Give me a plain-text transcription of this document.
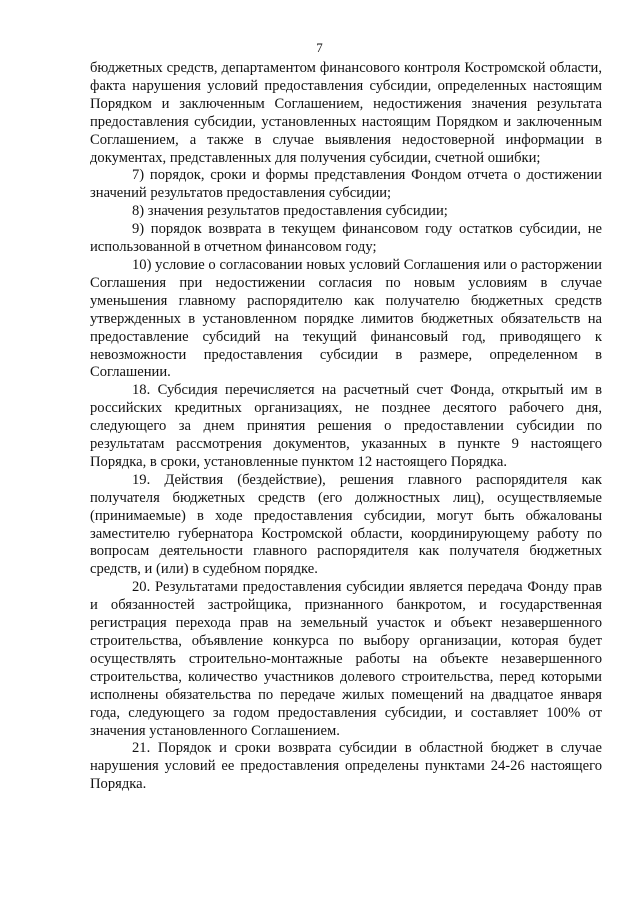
7

бюджетных средств, департаментом финансового контроля Костромской области, факта нарушения условий предоставления субсидии, определенных настоящим Порядком и заключенным Соглашением, недостижения значения результата предоставления субсидии, установленных настоящим Порядком и заключенным Соглашением, а также в случае выявления недостоверной информации в документах, представленных для получения субсидии, счетной ошибки;

7) порядок, сроки и формы представления Фондом отчета о достижении значений результатов предоставления субсидии;

8) значения результатов предоставления субсидии;

9) порядок возврата в текущем финансовом году остатков субсидии, не использованной в отчетном финансовом году;

10) условие о согласовании новых условий Соглашения или о расторжении Соглашения при недостижении согласия по новым условиям в случае уменьшения главному распорядителю как получателю бюджетных средств утвержденных в установленном порядке лимитов бюджетных обязательств на предоставление субсидий на текущий финансовый год, приводящего к невозможности предоставления субсидии в размере, определенном в Соглашении.

18. Субсидия перечисляется на расчетный счет Фонда, открытый им в российских кредитных организациях, не позднее десятого рабочего дня, следующего за днем принятия решения о предоставлении субсидии по результатам рассмотрения документов, указанных в пункте 9 настоящего Порядка, в сроки, установленные пунктом 12 настоящего Порядка.

19. Действия (бездействие), решения главного распорядителя как получателя бюджетных средств (его должностных лиц), осуществляемые (принимаемые) в ходе предоставления субсидии, могут быть обжалованы заместителю губернатора Костромской области, координирующему работу по вопросам деятельности главного распорядителя как получателя бюджетных средств, и (или) в судебном порядке.

20. Результатами предоставления субсидии является передача Фонду прав и обязанностей застройщика, признанного банкротом, и государственная регистрация перехода прав на земельный участок и объект незавершенного строительства, объявление конкурса по выбору организации, которая будет осуществлять строительно-монтажные работы на объекте незавершенного строительства, количество участников долевого строительства, перед которыми исполнены обязательства по передаче жилых помещений на двадцатое января года, следующего за годом предоставления субсидии, и составляет 100% от значения установленного Соглашением.

21. Порядок и сроки возврата субсидии в областной бюджет в случае нарушения условий ее предоставления определены пунктами 24-26 настоящего Порядка.
